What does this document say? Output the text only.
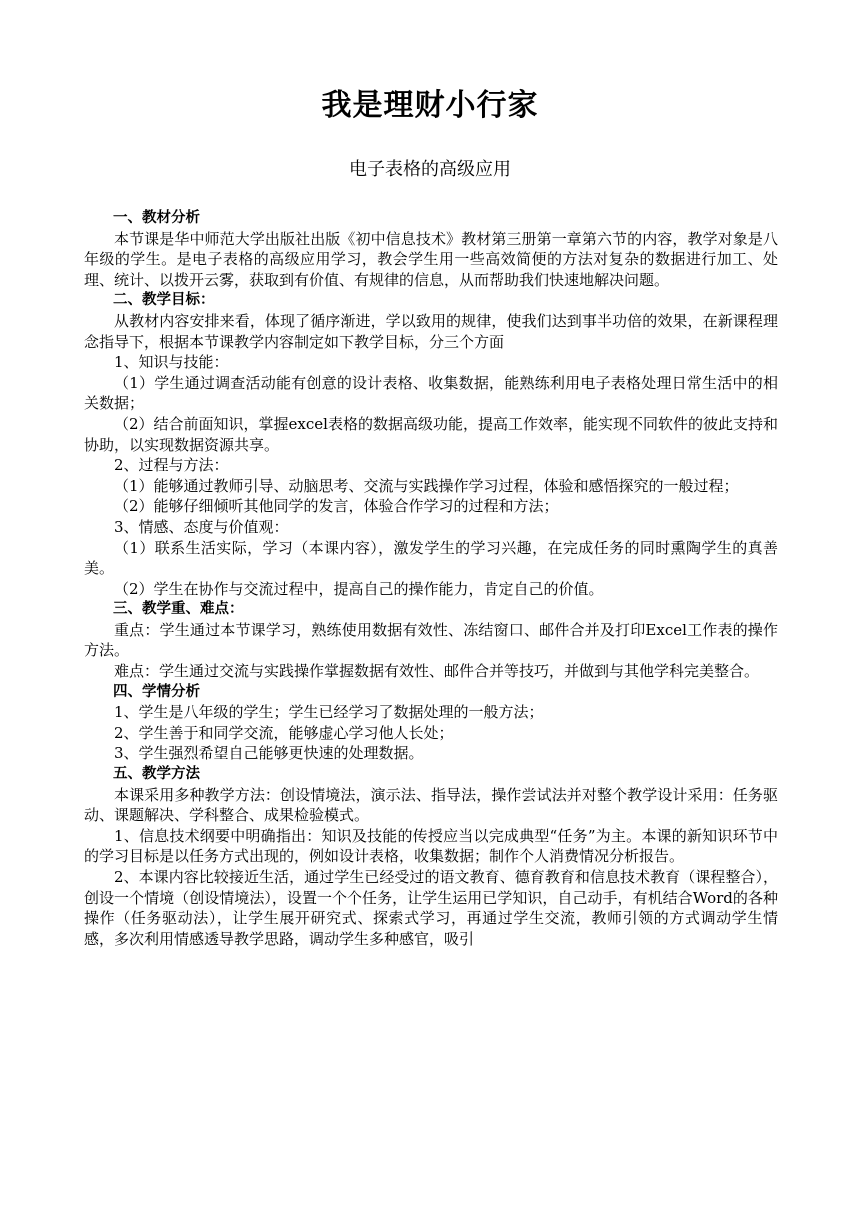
我是理财小行家
电子表格的高级应用

一、教材分析

本节课是华中师范大学出版社出版《初中信息技术》教材第三册第一章第六节的内容，教学对象是八年级的学生。是电子表格的高级应用学习，教会学生用一些高效简便的方法对复杂的数据进行加工、处理、统计、以拨开云雾，获取到有价值、有规律的信息，从而帮助我们快速地解决问题。

二、教学目标：

从教材内容安排来看，体现了循序渐进，学以致用的规律，使我们达到事半功倍的效果，在新课程理念指导下，根据本节课教学内容制定如下教学目标，分三个方面

1、知识与技能：

（1）学生通过调查活动能有创意的设计表格、收集数据，能熟练利用电子表格处理日常生活中的相关数据；

（2）结合前面知识，掌握excel表格的数据高级功能，提高工作效率，能实现不同软件的彼此支持和协助，以实现数据资源共享。

2、过程与方法：

（1）能够通过教师引导、动脑思考、交流与实践操作学习过程，体验和感悟探究的一般过程；

（2）能够仔细倾听其他同学的发言，体验合作学习的过程和方法；

3、情感、态度与价值观：

（1）联系生活实际，学习（本课内容），激发学生的学习兴趣，在完成任务的同时熏陶学生的真善美。

（2）学生在协作与交流过程中，提高自己的操作能力，肯定自己的价值。

三、教学重、难点：

重点：学生通过本节课学习，熟练使用数据有效性、冻结窗口、邮件合并及打印Excel工作表的操作方法。

难点：学生通过交流与实践操作掌握数据有效性、邮件合并等技巧，并做到与其他学科完美整合。

四、学情分析

1、学生是八年级的学生；学生已经学习了数据处理的一般方法；

2、学生善于和同学交流，能够虚心学习他人长处；

3、学生强烈希望自己能够更快速的处理数据。

五、教学方法

本课采用多种教学方法：创设情境法，演示法、指导法，操作尝试法并对整个教学设计采用：任务驱动、课题解决、学科整合、成果检验模式。

1、信息技术纲要中明确指出：知识及技能的传授应当以完成典型“任务”为主。本课的新知识环节中的学习目标是以任务方式出现的，例如设计表格，收集数据；制作个人消费情况分析报告。

2、本课内容比较接近生活，通过学生已经受过的语文教育、德育教育和信息技术教育（课程整合），创设一个情境（创设情境法），设置一个个任务，让学生运用已学知识，自己动手，有机结合Word的各种操作（任务驱动法），让学生展开研究式、探索式学习，再通过学生交流，教师引领的方式调动学生情感，多次利用情感透导教学思路，调动学生多种感官，吸引
